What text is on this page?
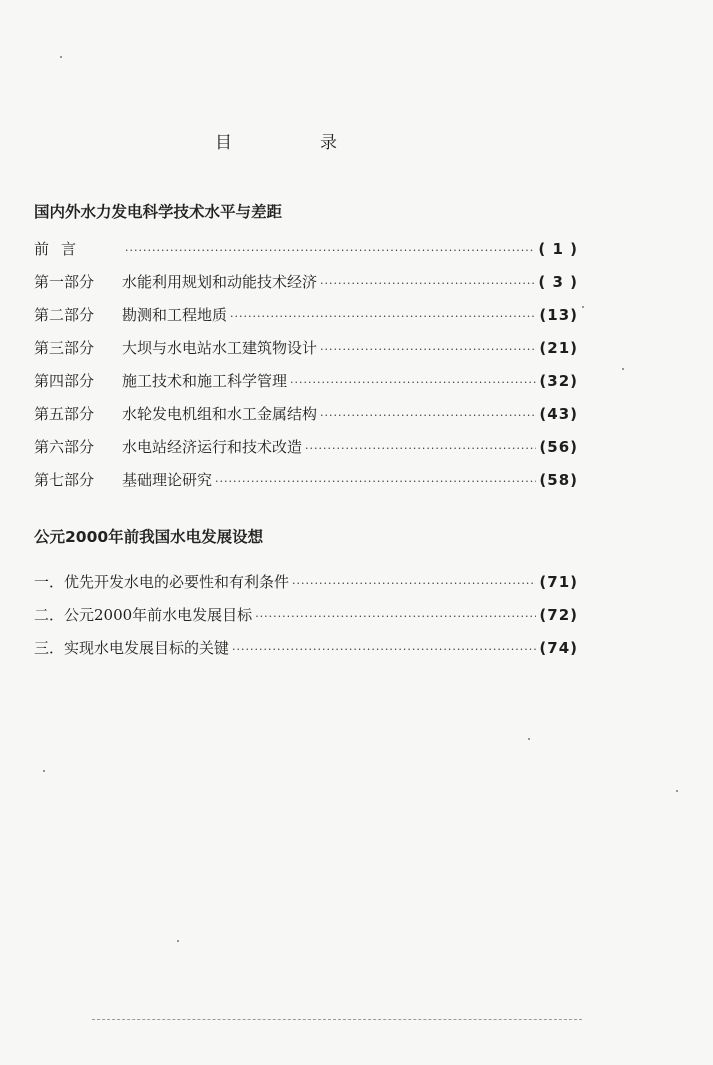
目	录
国内外水力发电科学技术水平与差距
前言 ·····	( 1 )
第一部分	水能利用规划和动能技术经济 ·····	( 3 )
第二部分	勘测和工程地质 ·····	(13)
第三部分	大坝与水电站水工建筑物设计 ·····	(21)
第四部分	施工技术和施工科学管理 ·····	(32)
第五部分	水轮发电机组和水工金属结构 ·····	(43)
第六部分	水电站经济运行和技术改造 ·····	(56)
第七部分	基础理论研究 ·····	(58)
公元2000年前我国水电发展设想
一．优先开发水电的必要性和有利条件 ·····	(71)
二．公元2000年前水电发展目标 ·····	(72)
三．实现水电发展目标的关键 ·····	(74)
